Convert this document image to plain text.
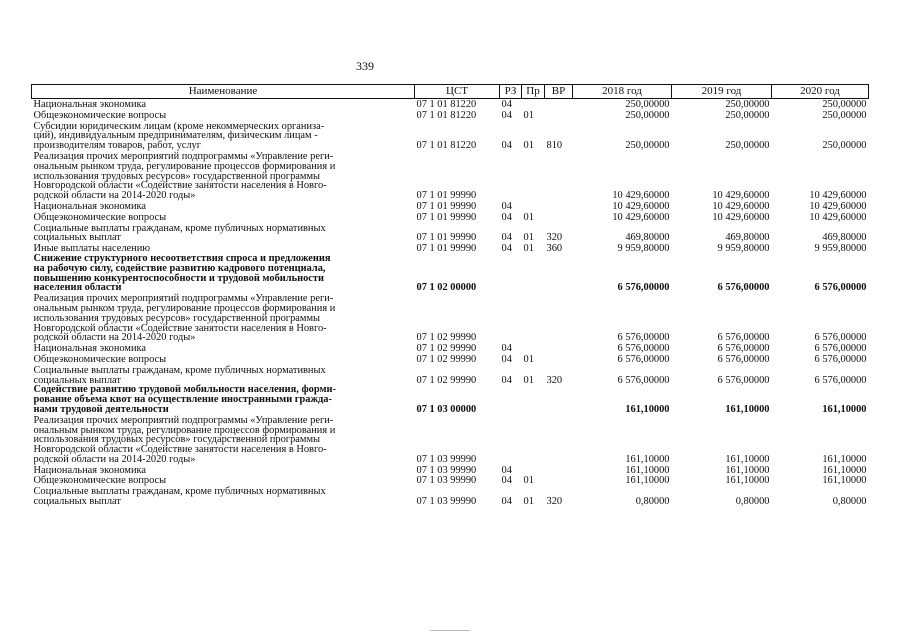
339
Наименование	ЦСТ	РЗ	Пр	ВР	2018 год	2019 год	2020 год
Национальная экономика	07 1 01 81220	04			250,00000	250,00000	250,00000
Общеэкономические вопросы	07 1 01 81220	04	01		250,00000	250,00000	250,00000
Субсидии юридическим лицам (кроме некоммерческих организа-
ций), индивидуальным предпринимателям, физическим лицам -
производителям товаров, работ, услуг	07 1 01 81220	04	01	810	250,00000	250,00000	250,00000
Реализация прочих мероприятий подпрограммы «Управление реги-
ональным рынком труда, регулирование процессов формирования и
использования трудовых ресурсов» государственной программы
Новгородской области «Содействие занятости населения в Новго-
родской области на 2014-2020 годы»	07 1 01 99990				10 429,60000	10 429,60000	10 429,60000
Национальная экономика	07 1 01 99990	04			10 429,60000	10 429,60000	10 429,60000
Общеэкономические вопросы	07 1 01 99990	04	01		10 429,60000	10 429,60000	10 429,60000
Социальные выплаты гражданам, кроме публичных нормативных
социальных выплат	07 1 01 99990	04	01	320	469,80000	469,80000	469,80000
Иные выплаты населению	07 1 01 99990	04	01	360	9 959,80000	9 959,80000	9 959,80000
Снижение структурного несоответствия спроса и предложения
на рабочую силу, содействие развитию кадрового потенциала,
повышению конкурентоспособности и трудовой мобильности
населения области	07 1 02 00000				6 576,00000	6 576,00000	6 576,00000
Реализация прочих мероприятий подпрограммы «Управление реги-
ональным рынком труда, регулирование процессов формирования и
использования трудовых ресурсов» государственной программы
Новгородской области «Содействие занятости населения в Новго-
родской области на 2014-2020 годы»	07 1 02 99990				6 576,00000	6 576,00000	6 576,00000
Национальная экономика	07 1 02 99990	04			6 576,00000	6 576,00000	6 576,00000
Общеэкономические вопросы	07 1 02 99990	04	01		6 576,00000	6 576,00000	6 576,00000
Социальные выплаты гражданам, кроме публичных нормативных
социальных выплат	07 1 02 99990	04	01	320	6 576,00000	6 576,00000	6 576,00000
Содействие развитию трудовой мобильности населения, форми-
рование объема квот на осуществление иностранными гражда-
нами трудовой деятельности	07 1 03 00000				161,10000	161,10000	161,10000
Реализация прочих мероприятий подпрограммы «Управление реги-
ональным рынком труда, регулирование процессов формирования и
использования трудовых ресурсов» государственной программы
Новгородской области «Содействие занятости населения в Новго-
родской области на 2014-2020 годы»	07 1 03 99990				161,10000	161,10000	161,10000
Национальная экономика	07 1 03 99990	04			161,10000	161,10000	161,10000
Общеэкономические вопросы	07 1 03 99990	04	01		161,10000	161,10000	161,10000
Социальные выплаты гражданам, кроме публичных нормативных
социальных выплат	07 1 03 99990	04	01	320	0,80000	0,80000	0,80000
